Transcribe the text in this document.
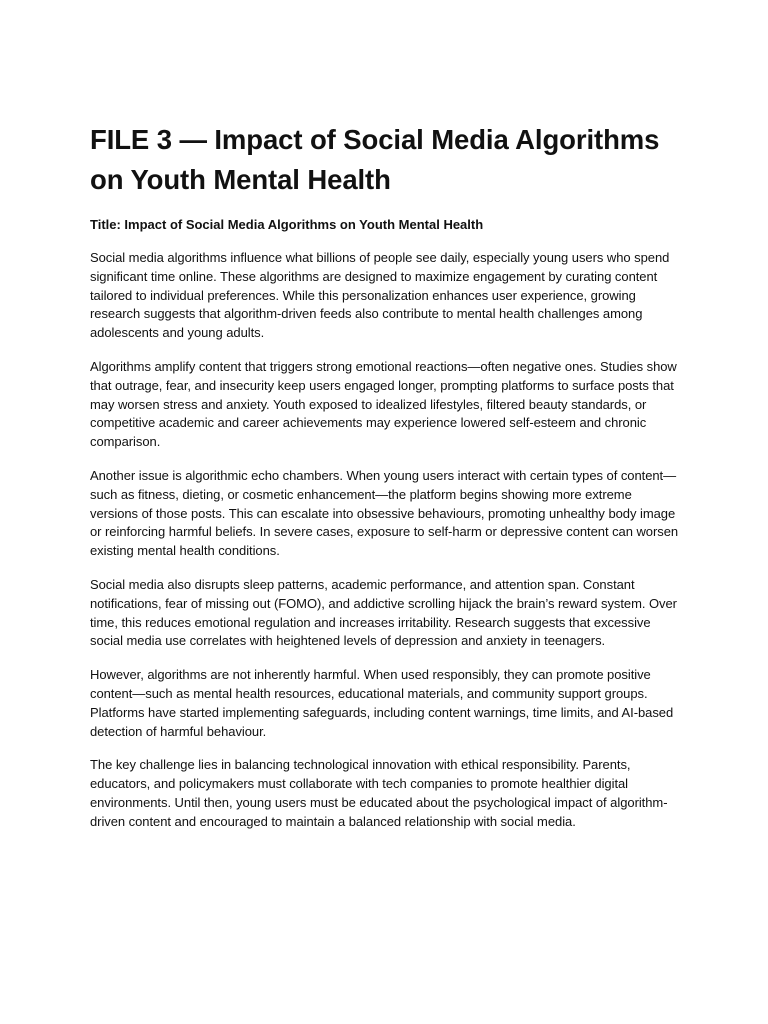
FILE 3 — Impact of Social Media Algorithms on Youth Mental Health

Title: Impact of Social Media Algorithms on Youth Mental Health

Social media algorithms influence what billions of people see daily, especially young users who spend significant time online. These algorithms are designed to maximize engagement by curating content tailored to individual preferences. While this personalization enhances user experience, growing research suggests that algorithm-driven feeds also contribute to mental health challenges among adolescents and young adults.

Algorithms amplify content that triggers strong emotional reactions—often negative ones. Studies show that outrage, fear, and insecurity keep users engaged longer, prompting platforms to surface posts that may worsen stress and anxiety. Youth exposed to idealized lifestyles, filtered beauty standards, or competitive academic and career achievements may experience lowered self-esteem and chronic comparison.

Another issue is algorithmic echo chambers. When young users interact with certain types of content—such as fitness, dieting, or cosmetic enhancement—the platform begins showing more extreme versions of those posts. This can escalate into obsessive behaviours, promoting unhealthy body image or reinforcing harmful beliefs. In severe cases, exposure to self-harm or depressive content can worsen existing mental health conditions.

Social media also disrupts sleep patterns, academic performance, and attention span. Constant notifications, fear of missing out (FOMO), and addictive scrolling hijack the brain’s reward system. Over time, this reduces emotional regulation and increases irritability. Research suggests that excessive social media use correlates with heightened levels of depression and anxiety in teenagers.

However, algorithms are not inherently harmful. When used responsibly, they can promote positive content—such as mental health resources, educational materials, and community support groups. Platforms have started implementing safeguards, including content warnings, time limits, and AI-based detection of harmful behaviour.

The key challenge lies in balancing technological innovation with ethical responsibility. Parents, educators, and policymakers must collaborate with tech companies to promote healthier digital environments. Until then, young users must be educated about the psychological impact of algorithm-driven content and encouraged to maintain a balanced relationship with social media.
